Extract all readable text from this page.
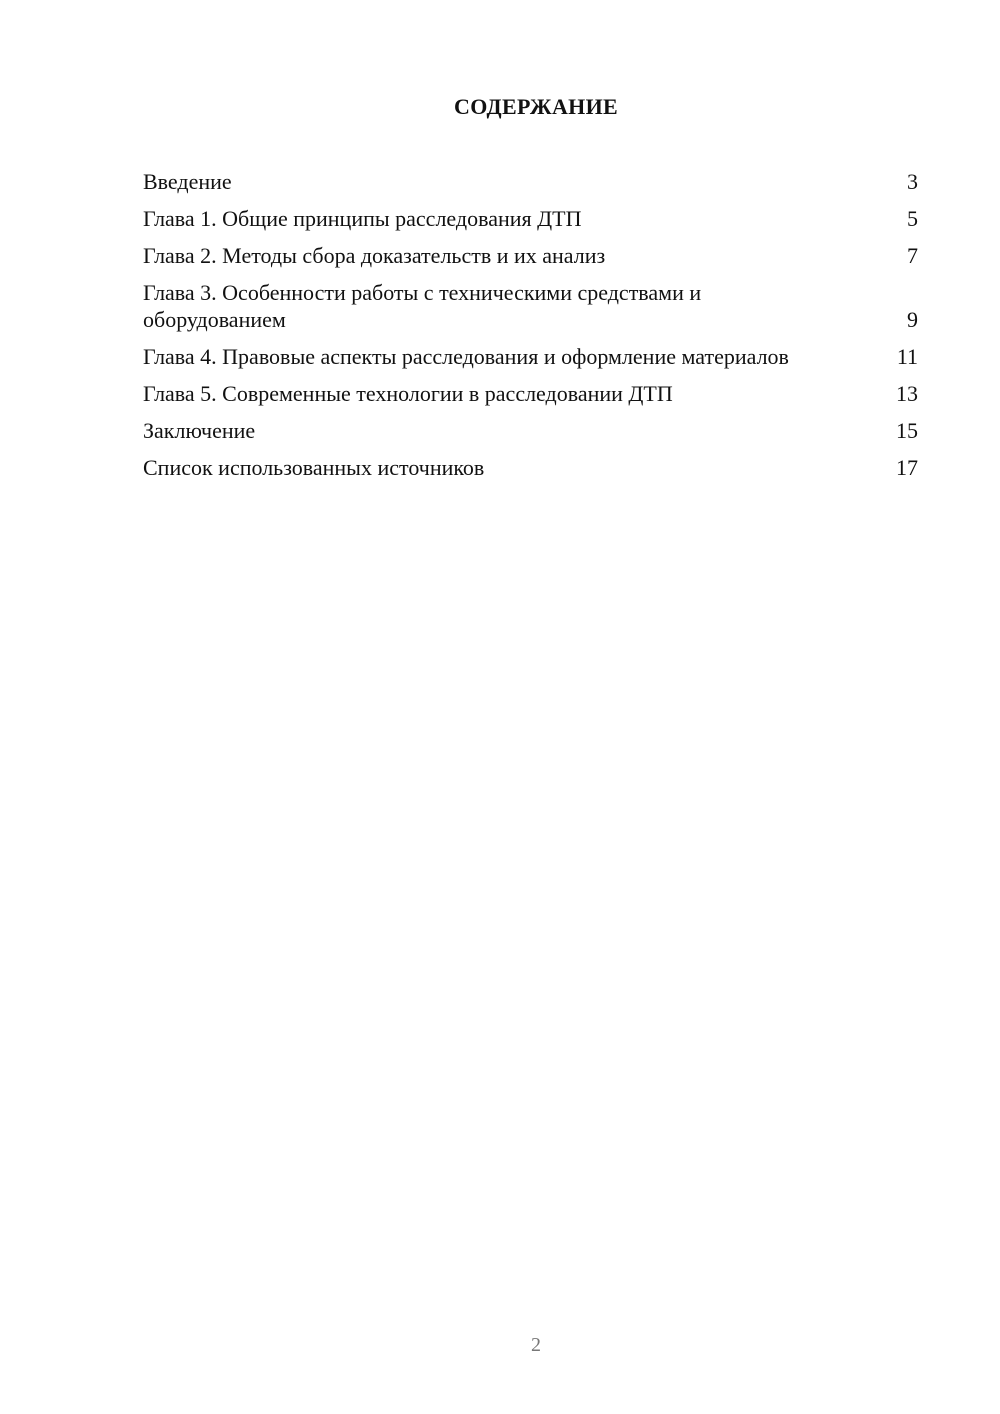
СОДЕРЖАНИЕ
Введение	3
Глава 1. Общие принципы расследования ДТП	5
Глава 2. Методы сбора доказательств и их анализ	7
Глава 3. Особенности работы с техническими средствами и оборудованием	9
Глава 4. Правовые аспекты расследования и оформление материалов	11
Глава 5. Современные технологии в расследовании ДТП	13
Заключение	15
Список использованных источников	17
2
